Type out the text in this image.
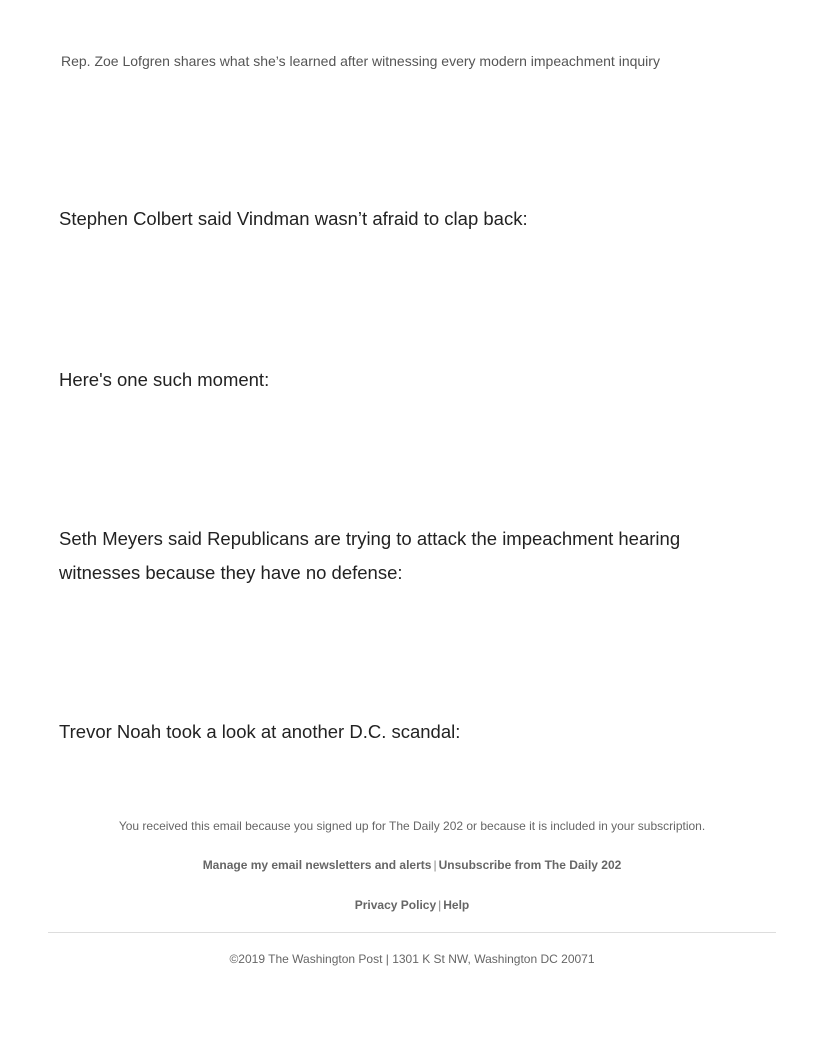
Rep. Zoe Lofgren shares what she’s learned after witnessing every modern impeachment inquiry
Stephen Colbert said Vindman wasn’t afraid to clap back:
Here's one such moment:
Seth Meyers said Republicans are trying to attack the impeachment hearing witnesses because they have no defense:
Trevor Noah took a look at another D.C. scandal:
You received this email because you signed up for The Daily 202 or because it is included in your subscription.
Manage my email newsletters and alerts | Unsubscribe from The Daily 202
Privacy Policy | Help
©2019 The Washington Post | 1301 K St NW, Washington DC 20071
